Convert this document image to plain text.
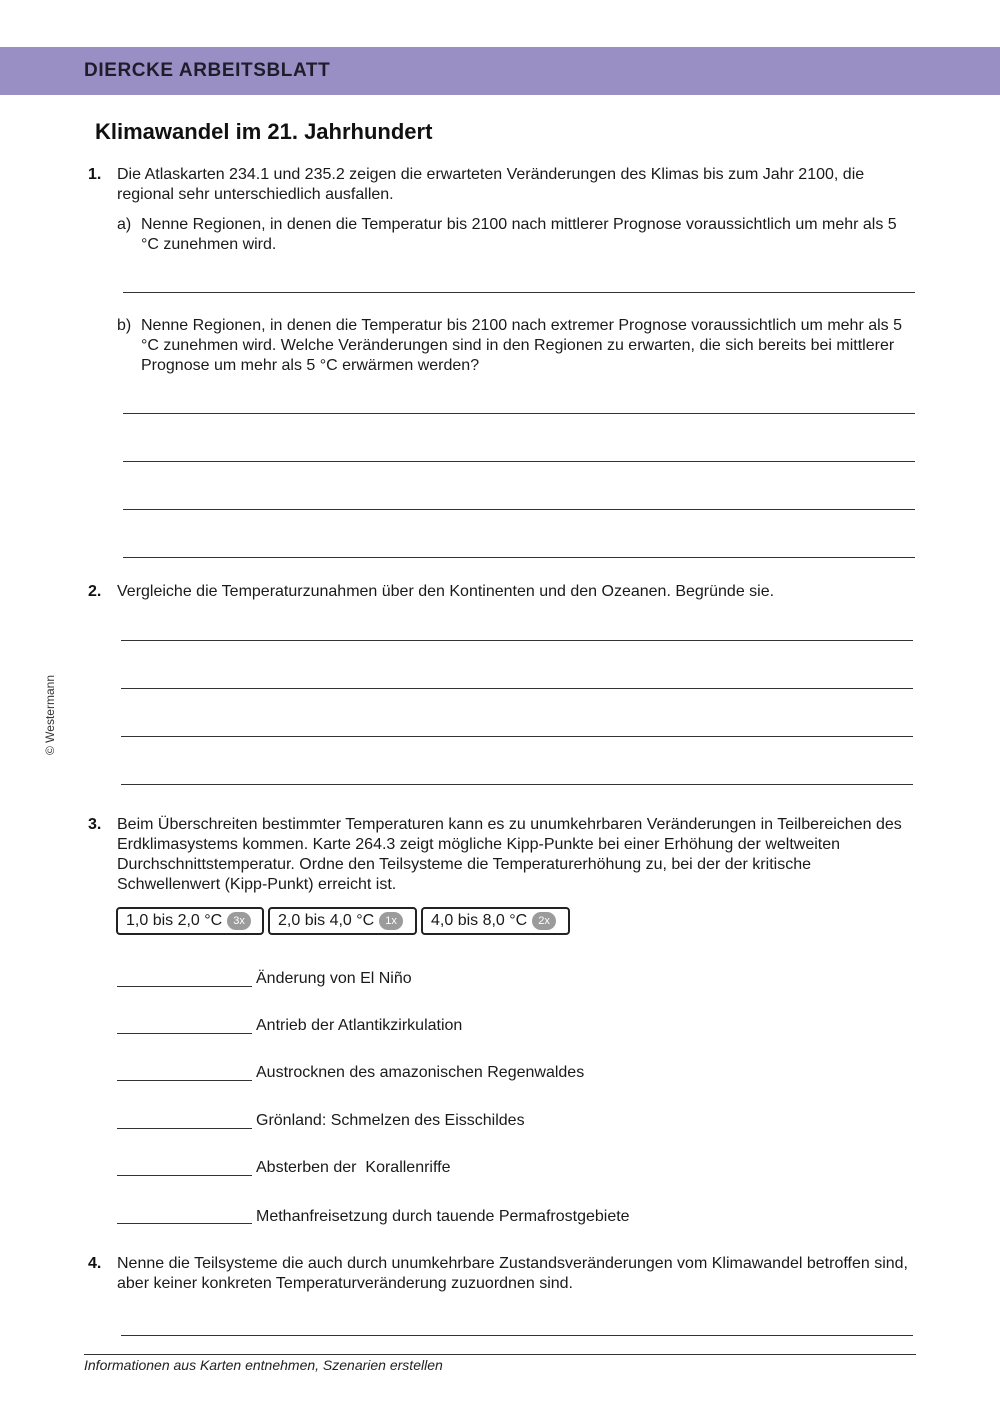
DIERCKE ARBEITSBLATT
Klimawandel im 21. Jahrhundert
© Westermann
1. Die Atlaskarten 234.1 und 235.2 zeigen die erwarteten Veränderungen des Klimas bis zum Jahr 2100, die regional sehr unterschiedlich ausfallen.
a) Nenne Regionen, in denen die Temperatur bis 2100 nach mittlerer Prognose voraussichtlich um mehr als 5 °C zunehmen wird.
b) Nenne Regionen, in denen die Temperatur bis 2100 nach extremer Prognose voraussichtlich um mehr als 5 °C zunehmen wird. Welche Veränderungen sind in den Regionen zu erwarten, die sich bereits bei mittlerer Prognose um mehr als 5 °C erwärmen werden?
2. Vergleiche die Temperaturzunahmen über den Kontinenten und den Ozeanen. Begründe sie.
3. Beim Überschreiten bestimmter Temperaturen kann es zu unumkehrbaren Veränderungen in Teilbereichen des Erdklimasystems kommen. Karte 264.3 zeigt mögliche Kipp-Punkte bei einer Erhöhung der weltweiten Durchschnittstemperatur. Ordne den Teilsysteme die Temperaturerhöhung zu, bei der der kritische Schwellenwert (Kipp-Punkt) erreicht ist.
1,0 bis 2,0 °C	3x	2,0 bis 4,0 °C	1x	4,0 bis 8,0 °C	2x
Änderung von El Niño
Antrieb der Atlantikzirkulation
Austrocknen des amazonischen Regenwaldes
Grönland: Schmelzen des Eisschildes
Absterben der  Korallenriffe
Methanfreisetzung durch tauende Permafrostgebiete
4. Nenne die Teilsysteme die auch durch unumkehrbare Zustandsveränderungen vom Klimawandel betroffen sind, aber keiner konkreten Temperaturveränderung zuzuordnen sind.
Informationen aus Karten entnehmen, Szenarien erstellen
